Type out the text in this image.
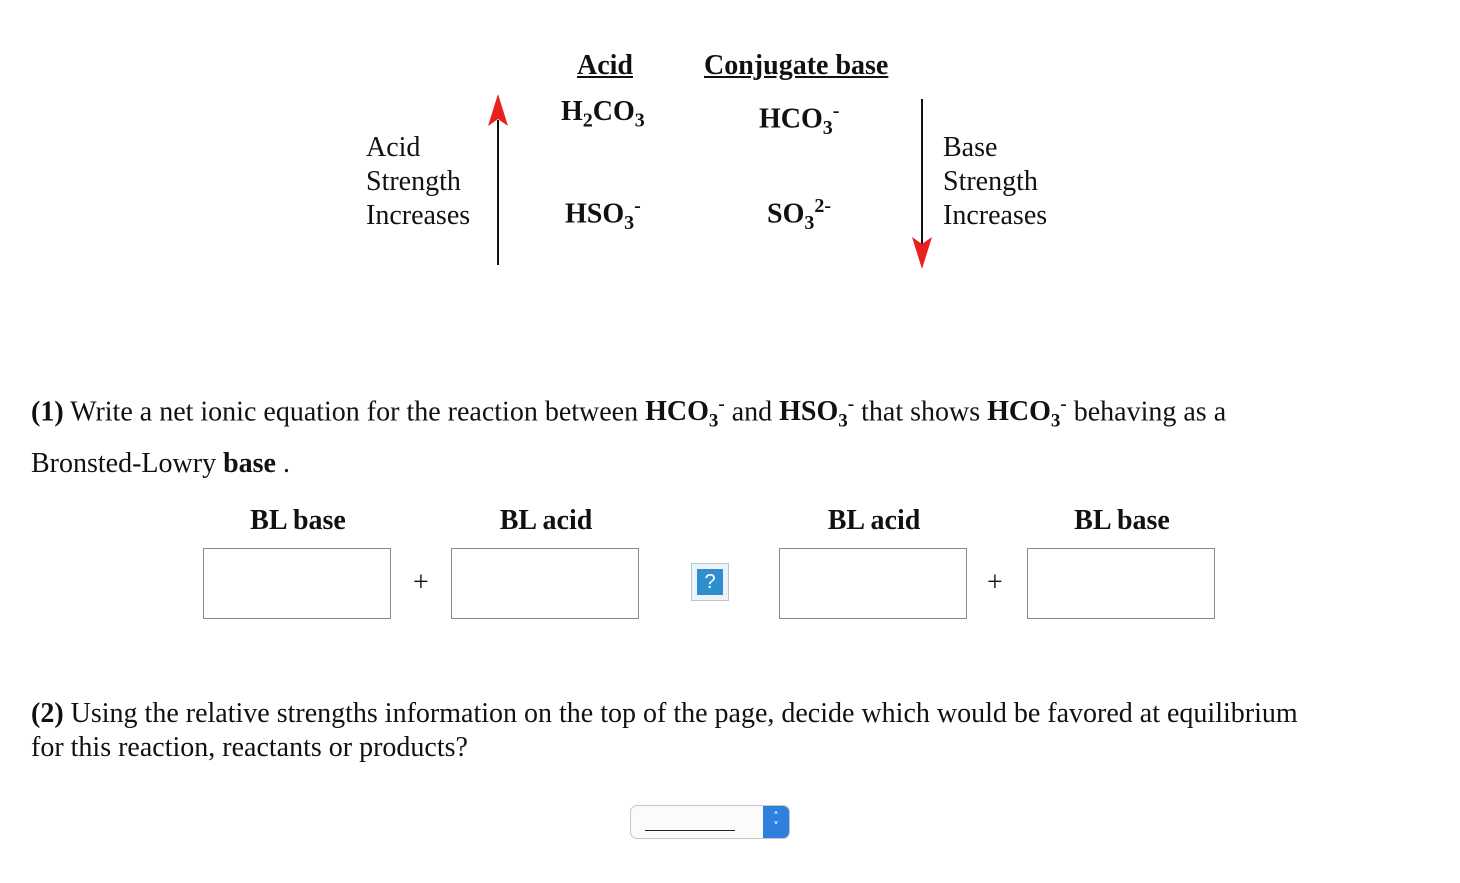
Acid	Conjugate base
$H_2CO_3$	$HCO_3^-$
$HSO_3^-$	$SO_3^{2-}$
Acid
Strength
Increases
Base
Strength
Increases
(1) Write a net ionic equation for the reaction between $HCO_3^-$ and $HSO_3^-$ that shows $HCO_3^-$ behaving as a
Bronsted-Lowry base .
BL base	BL acid	BL acid	BL base
+	?	+
(2) Using the relative strengths information on the top of the page, decide which would be favored at equilibrium
for this reaction, reactants or products?
˄
˅
